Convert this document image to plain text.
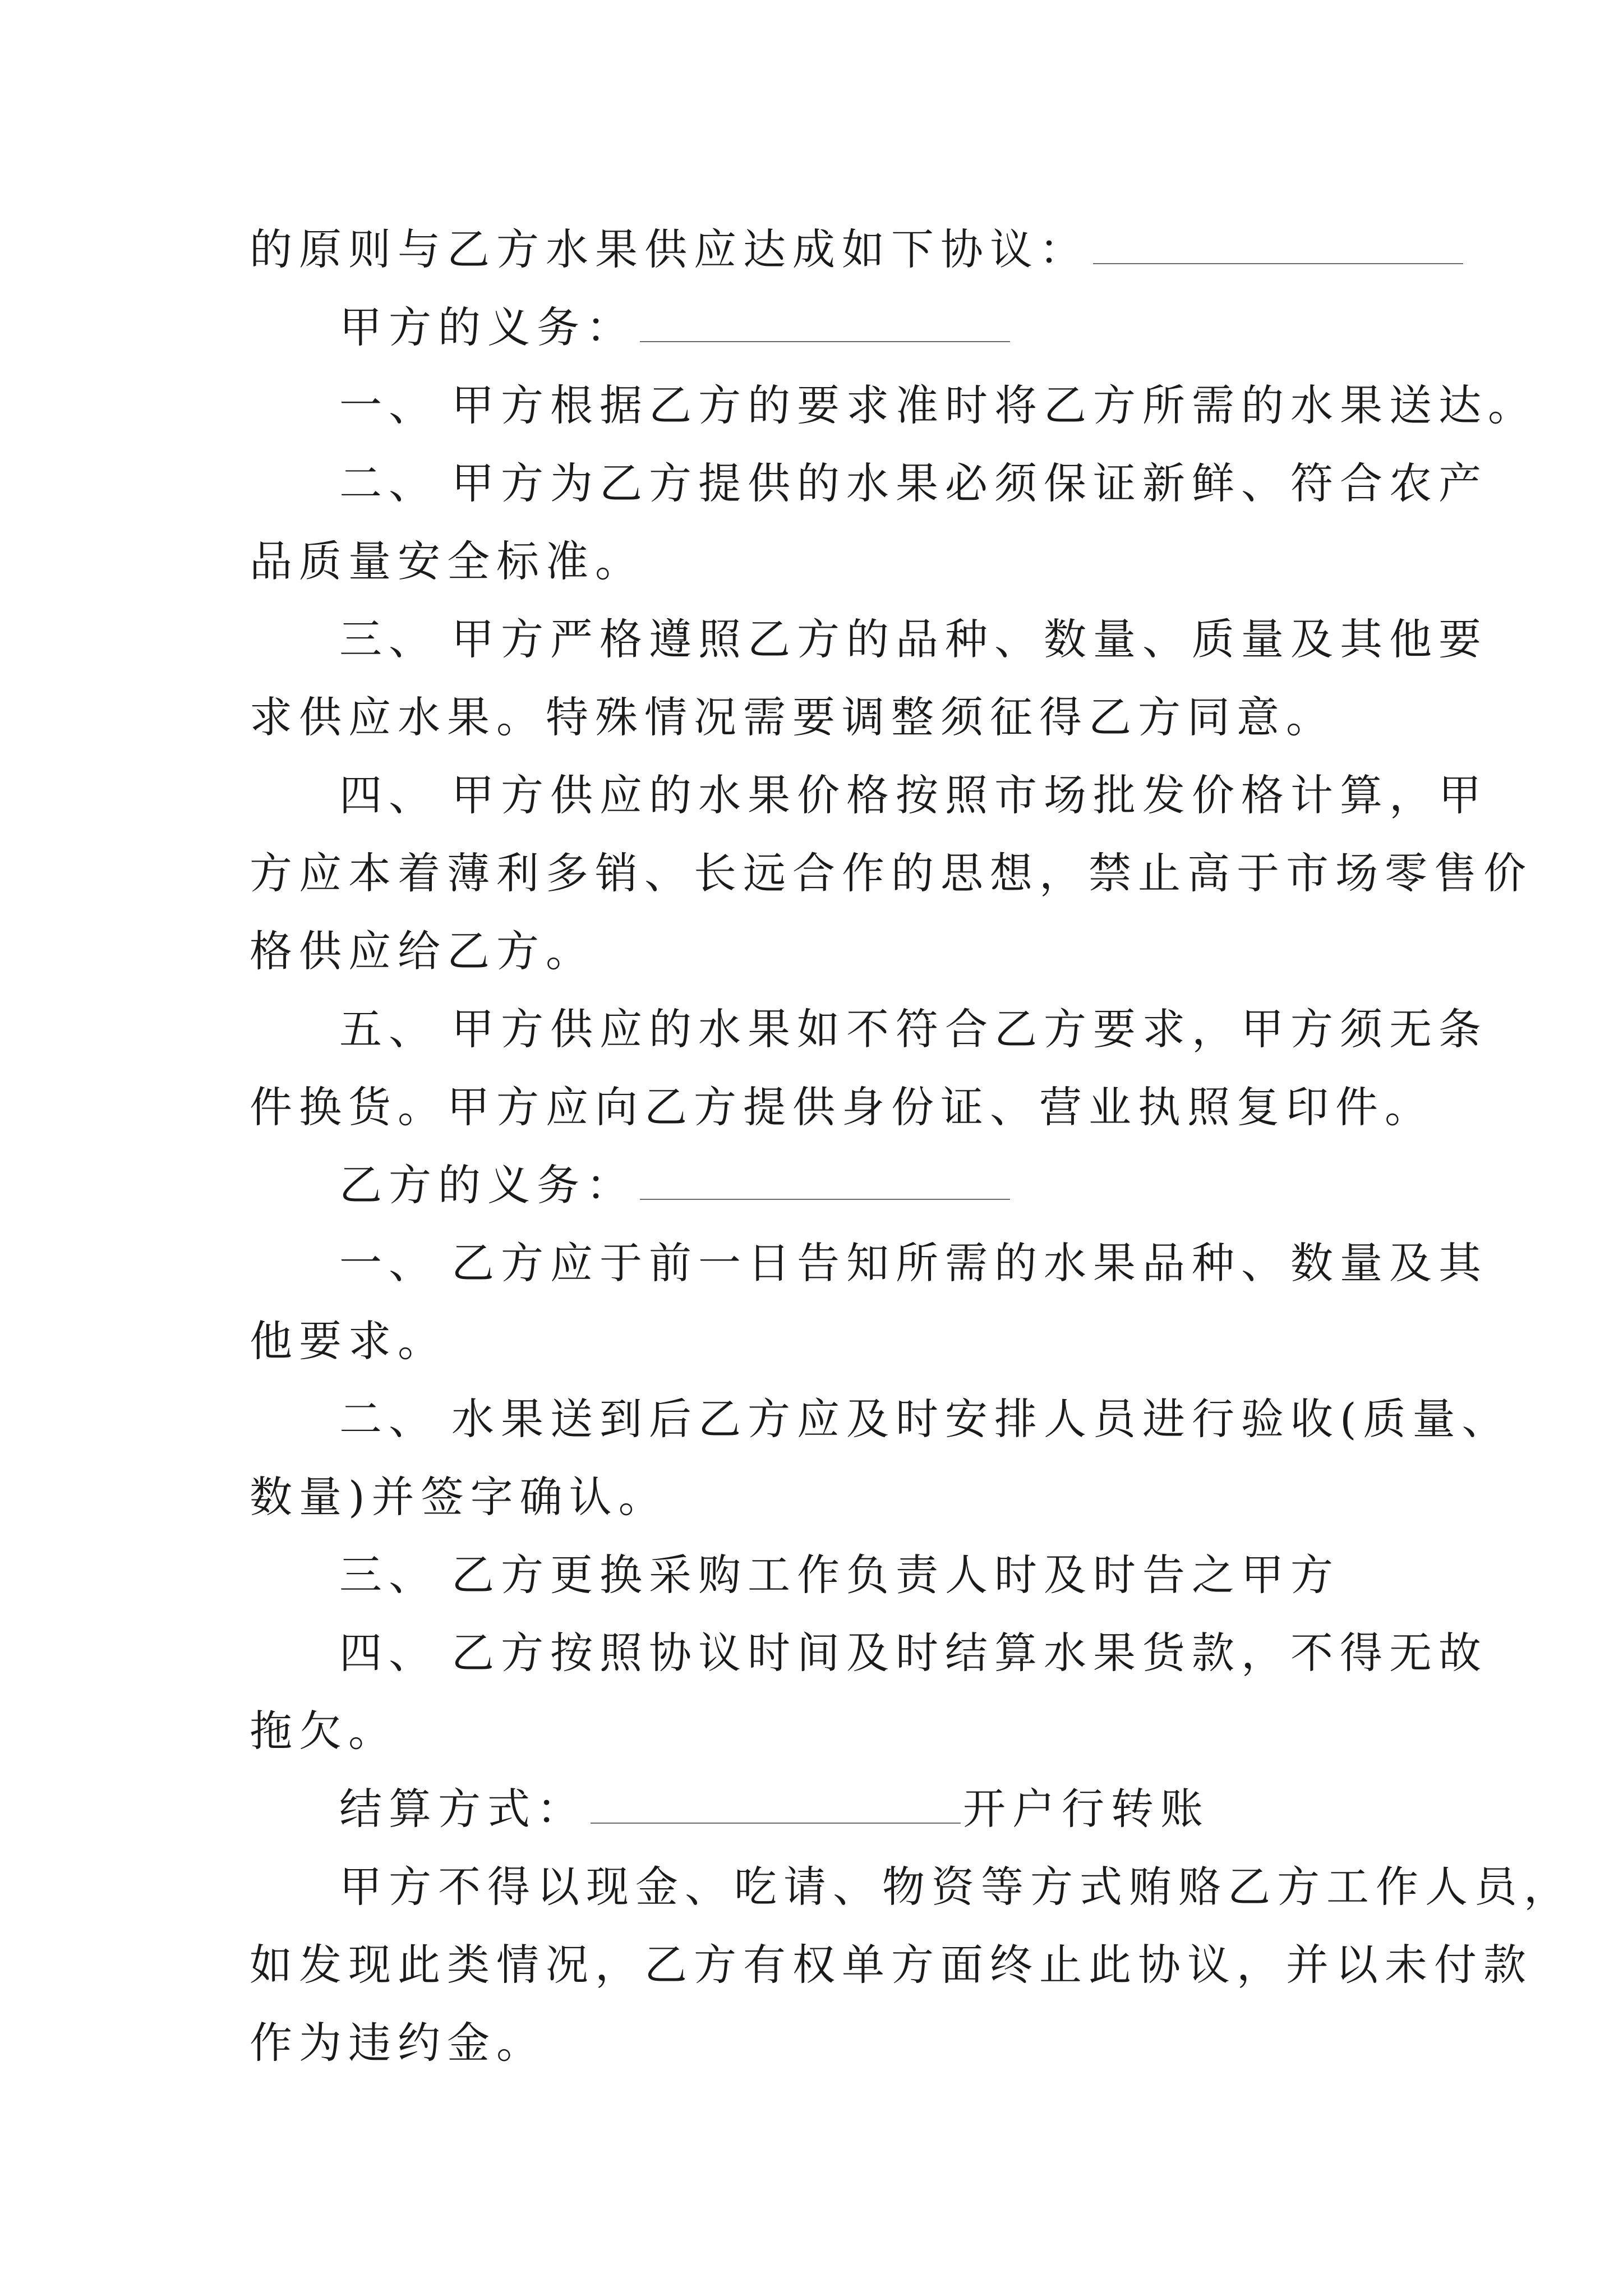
的原则与乙方水果供应达成如下协议：
甲方的义务：
一、 甲方根据乙方的要求准时将乙方所需的水果送达。
二、 甲方为乙方提供的水果必须保证新鲜、符合农产
品质量安全标准。
三、 甲方严格遵照乙方的品种、数量、质量及其他要
求供应水果。特殊情况需要调整须征得乙方同意。
四、 甲方供应的水果价格按照市场批发价格计算，甲
方应本着薄利多销、长远合作的思想，禁止高于市场零售价
格供应给乙方。
五、 甲方供应的水果如不符合乙方要求，甲方须无条
件换货。甲方应向乙方提供身份证、营业执照复印件。
乙方的义务：
一、 乙方应于前一日告知所需的水果品种、数量及其
他要求。
二、 水果送到后乙方应及时安排人员进行验收(质量、
数量)并签字确认。
三、 乙方更换采购工作负责人时及时告之甲方
四、 乙方按照协议时间及时结算水果货款，不得无故
拖欠。
结算方式：	开户行转账
甲方不得以现金、吃请、物资等方式贿赂乙方工作人员，
如发现此类情况，乙方有权单方面终止此协议，并以未付款
作为违约金。
